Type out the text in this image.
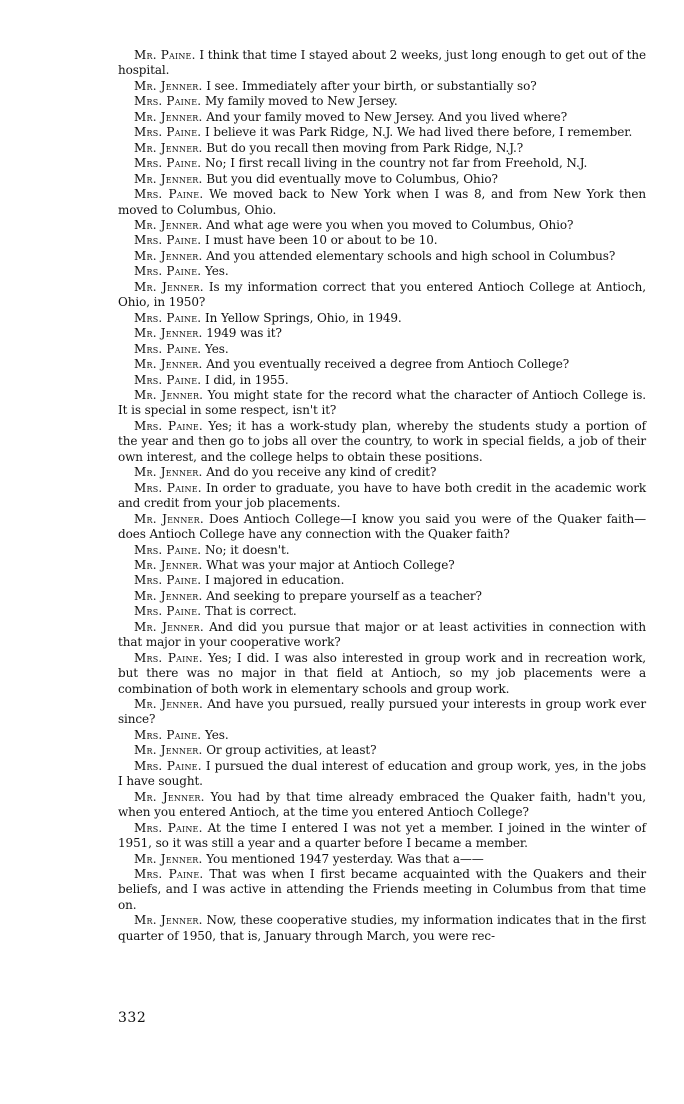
Mr. Paine. I think that time I stayed about 2 weeks, just long enough to get out of the hospital.

Mr. Jenner. I see. Immediately after your birth, or substantially so?

Mrs. Paine. My family moved to New Jersey.

Mr. Jenner. And your family moved to New Jersey. And you lived where?

Mrs. Paine. I believe it was Park Ridge, N.J. We had lived there before, I remember.

Mr. Jenner. But do you recall then moving from Park Ridge, N.J.?

Mrs. Paine. No; I first recall living in the country not far from Freehold, N.J.

Mr. Jenner. But you did eventually move to Columbus, Ohio?

Mrs. Paine. We moved back to New York when I was 8, and from New York then moved to Columbus, Ohio.

Mr. Jenner. And what age were you when you moved to Columbus, Ohio?

Mrs. Paine. I must have been 10 or about to be 10.

Mr. Jenner. And you attended elementary schools and high school in Columbus?

Mrs. Paine. Yes.

Mr. Jenner. Is my information correct that you entered Antioch College at Antioch, Ohio, in 1950?

Mrs. Paine. In Yellow Springs, Ohio, in 1949.

Mr. Jenner. 1949 was it?

Mrs. Paine. Yes.

Mr. Jenner. And you eventually received a degree from Antioch College?

Mrs. Paine. I did, in 1955.

Mr. Jenner. You might state for the record what the character of Antioch College is. It is special in some respect, isn't it?

Mrs. Paine. Yes; it has a work-study plan, whereby the students study a portion of the year and then go to jobs all over the country, to work in special fields, a job of their own interest, and the college helps to obtain these positions.

Mr. Jenner. And do you receive any kind of credit?

Mrs. Paine. In order to graduate, you have to have both credit in the academic work and credit from your job placements.

Mr. Jenner. Does Antioch College—I know you said you were of the Quaker faith—does Antioch College have any connection with the Quaker faith?

Mrs. Paine. No; it doesn't.

Mr. Jenner. What was your major at Antioch College?

Mrs. Paine. I majored in education.

Mr. Jenner. And seeking to prepare yourself as a teacher?

Mrs. Paine. That is correct.

Mr. Jenner. And did you pursue that major or at least activities in connection with that major in your cooperative work?

Mrs. Paine. Yes; I did. I was also interested in group work and in recreation work, but there was no major in that field at Antioch, so my job placements were a combination of both work in elementary schools and group work.

Mr. Jenner. And have you pursued, really pursued your interests in group work ever since?

Mrs. Paine. Yes.

Mr. Jenner. Or group activities, at least?

Mrs. Paine. I pursued the dual interest of education and group work, yes, in the jobs I have sought.

Mr. Jenner. You had by that time already embraced the Quaker faith, hadn't you, when you entered Antioch, at the time you entered Antioch College?

Mrs. Paine. At the time I entered I was not yet a member. I joined in the winter of 1951, so it was still a year and a quarter before I became a member.

Mr. Jenner. You mentioned 1947 yesterday. Was that a——

Mrs. Paine. That was when I first became acquainted with the Quakers and their beliefs, and I was active in attending the Friends meeting in Columbus from that time on.

Mr. Jenner. Now, these cooperative studies, my information indicates that in the first quarter of 1950, that is, January through March, you were rec-

332
